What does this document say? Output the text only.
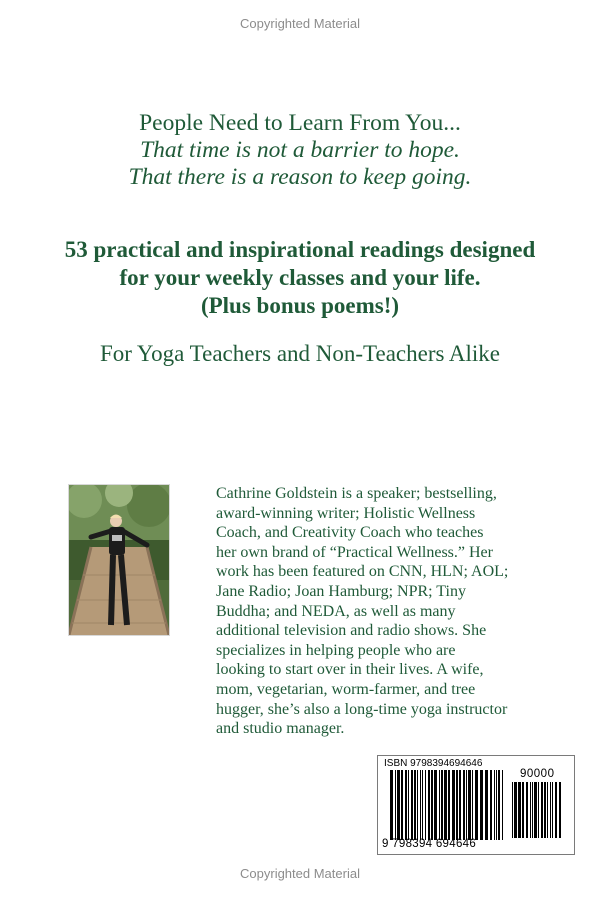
Copyrighted Material
People Need to Learn From You...
That time is not a barrier to hope.
That there is a reason to keep going.
53 practical and inspirational readings designed
for your weekly classes and your life.
(Plus bonus poems!)
For Yoga Teachers and Non-Teachers Alike
Cathrine Goldstein is a speaker; bestselling,
award-winning writer; Holistic Wellness
Coach, and Creativity Coach who teaches
her own brand of “Practical Wellness.” Her
work has been featured on CNN, HLN; AOL;
Jane Radio; Joan Hamburg; NPR; Tiny
Buddha; and NEDA, as well as many
additional television and radio shows. She
specializes in helping people who are
looking to start over in their lives. A wife,
mom, vegetarian, worm-farmer, and tree
hugger, she’s also a long-time yoga instructor
and studio manager.
ISBN 9798394694646
90000
9 798394 694646
Copyrighted Material
